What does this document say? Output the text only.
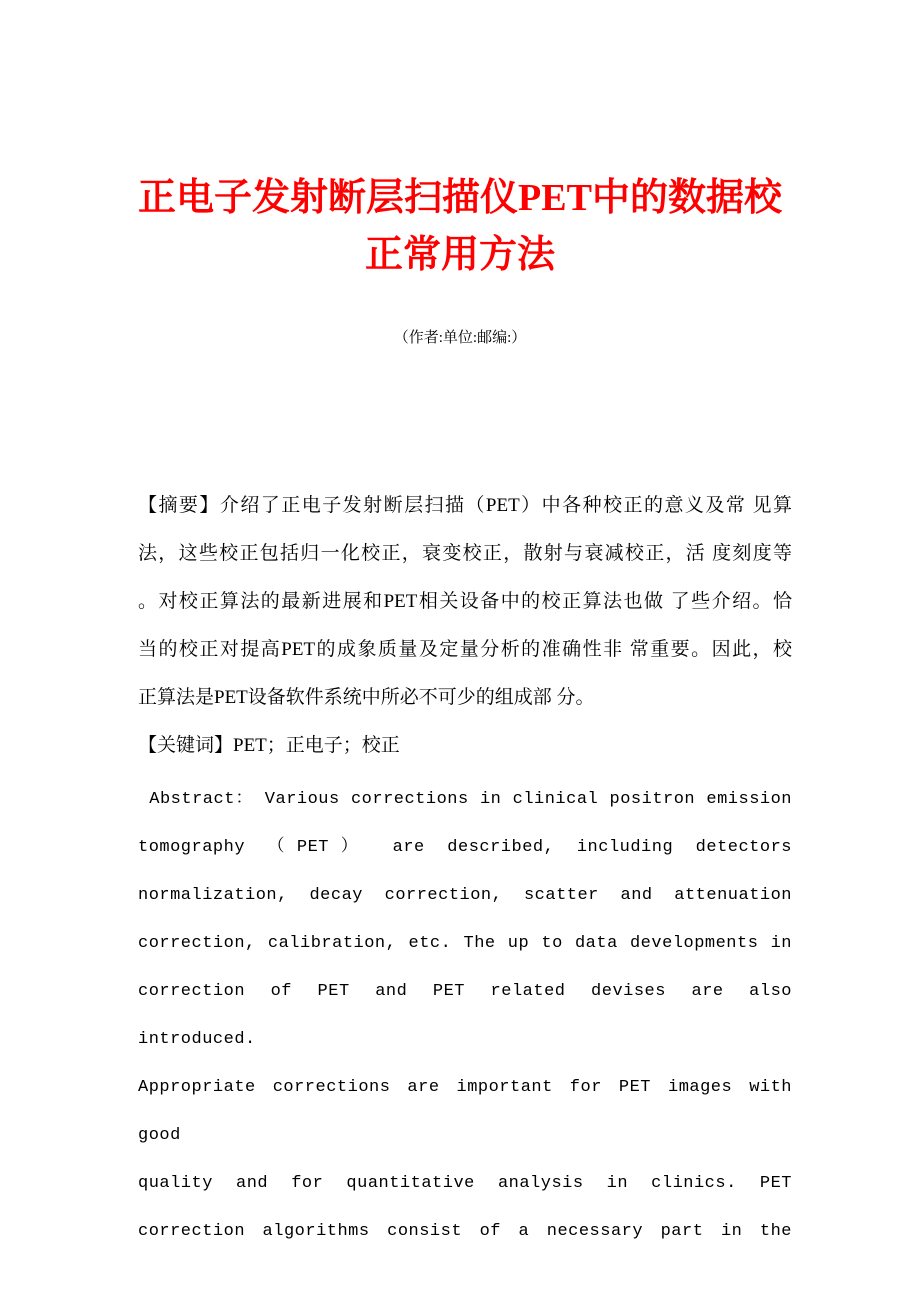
正电子发射断层扫描仪PET中的数据校
正常用方法
（作者:单位:邮编:）
【摘要】介绍了正电子发射断层扫描（PET）中各种校正的意义及常 见算
法，这些校正包括归一化校正，衰变校正，散射与衰减校正，活 度刻度等
。对校正算法的最新进展和PET相关设备中的校正算法也做 了些介绍。恰
当的校正对提高PET的成象质量及定量分析的准确性非 常重要。因此，校
正算法是PET设备软件系统中所必不可少的组成部 分。
【关键词】PET；正电子；校正
Abstract： Various corrections in clinical positron emission
tomography （PET） are described, including detectors
normalization, decay correction, scatter and attenuation
correction, calibration, etc. The up to data developments in
correction of PET and PET related devises are also introduced.
Appropriate corrections are important for PET images with good
quality and for quantitative analysis in clinics. PET
correction algorithms consist of a necessary part in the
